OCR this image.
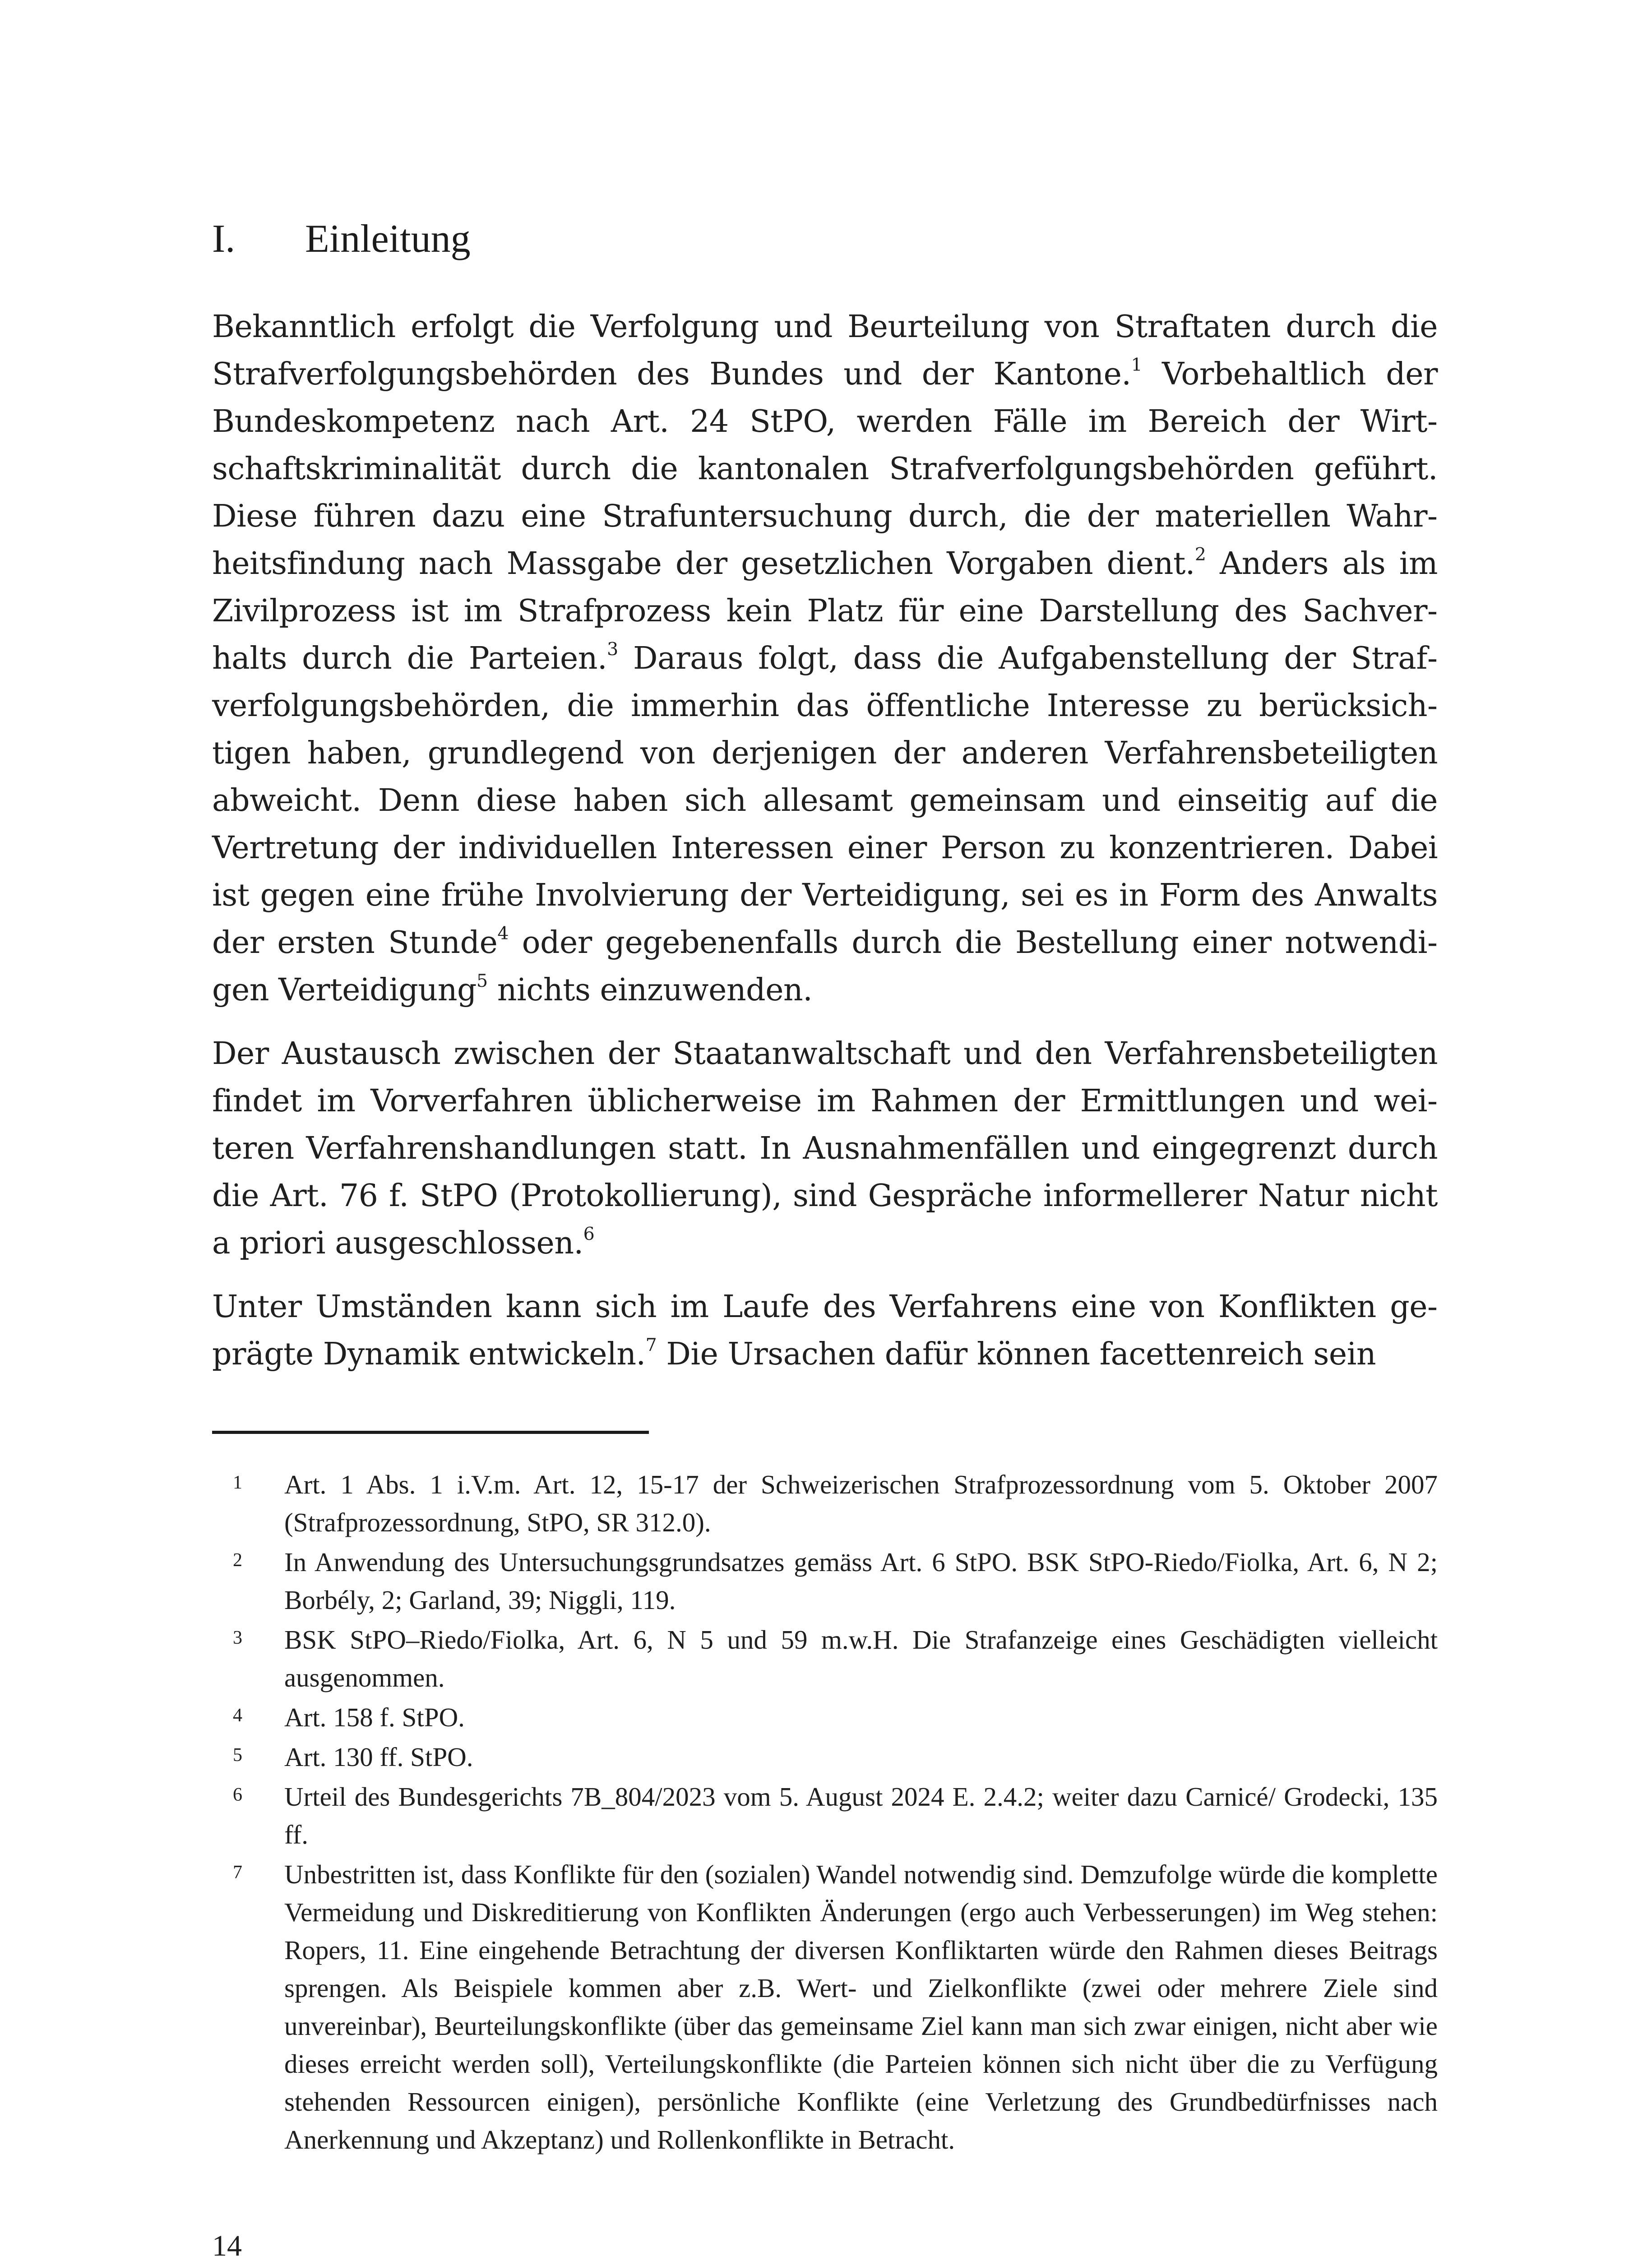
I. Einleitung

Bekanntlich erfolgt die Verfolgung und Beurteilung von Straftaten durch die Strafverfolgungsbehörden des Bundes und der Kantone.$^1$ Vorbehaltlich der Bundeskompetenz nach Art. 24 StPO, werden Fälle im Bereich der Wirtschaftskriminalität durch die kantonalen Strafverfolgungsbehörden geführt. Diese führen dazu eine Strafuntersuchung durch, die der materiellen Wahrheitsfindung nach Massgabe der gesetzlichen Vorgaben dient.$^2$ Anders als im Zivilprozess ist im Strafprozess kein Platz für eine Darstellung des Sachverhalts durch die Parteien.$^3$ Daraus folgt, dass die Aufgabenstellung der Strafverfolgungsbehörden, die immerhin das öffentliche Interesse zu berücksichtigen haben, grundlegend von derjenigen der anderen Verfahrensbeteiligten abweicht. Denn diese haben sich allesamt gemeinsam und einseitig auf die Vertretung der individuellen Interessen einer Person zu konzentrieren. Dabei ist gegen eine frühe Involvierung der Verteidigung, sei es in Form des Anwalts der ersten Stunde$^4$ oder gegebenenfalls durch die Bestellung einer notwendigen Verteidigung$^5$ nichts einzuwenden.

Der Austausch zwischen der Staatanwaltschaft und den Verfahrensbeteiligten findet im Vorverfahren üblicherweise im Rahmen der Ermittlungen und weiteren Verfahrenshandlungen statt. In Ausnahmenfällen und eingegrenzt durch die Art. 76 f. StPO (Protokollierung), sind Gespräche informellerer Natur nicht a priori ausgeschlossen.$^6$

Unter Umständen kann sich im Laufe des Verfahrens eine von Konflikten geprägte Dynamik entwickeln.$^7$ Die Ursachen dafür können facettenreich sein

1 Art. 1 Abs. 1 i.V.m. Art. 12, 15-17 der Schweizerischen Strafprozessordnung vom 5. Oktober 2007 (Strafprozessordnung, StPO, SR 312.0).
2 In Anwendung des Untersuchungsgrundsatzes gemäss Art. 6 StPO. BSK StPO-Riedo/Fiolka, Art. 6, N 2; Borbély, 2; Garland, 39; Niggli, 119.
3 BSK StPO–Riedo/Fiolka, Art. 6, N 5 und 59 m.w.H. Die Strafanzeige eines Geschädigten vielleicht ausgenommen.
4 Art. 158 f. StPO.
5 Art. 130 ff. StPO.
6 Urteil des Bundesgerichts 7B_804/2023 vom 5. August 2024 E. 2.4.2; weiter dazu Carnicé/ Grodecki, 135 ff.
7 Unbestritten ist, dass Konflikte für den (sozialen) Wandel notwendig sind. Demzufolge würde die komplette Vermeidung und Diskreditierung von Konflikten Änderungen (ergo auch Verbesserungen) im Weg stehen: Ropers, 11. Eine eingehende Betrachtung der diversen Konfliktarten würde den Rahmen dieses Beitrags sprengen. Als Beispiele kommen aber z.B. Wert- und Zielkonflikte (zwei oder mehrere Ziele sind unvereinbar), Beurteilungskonflikte (über das gemeinsame Ziel kann man sich zwar einigen, nicht aber wie dieses erreicht werden soll), Verteilungskonflikte (die Parteien können sich nicht über die zu Verfügung stehenden Ressourcen einigen), persönliche Konflikte (eine Verletzung des Grundbedürfnisses nach Anerkennung und Akzeptanz) und Rollenkonflikte in Betracht.
14
